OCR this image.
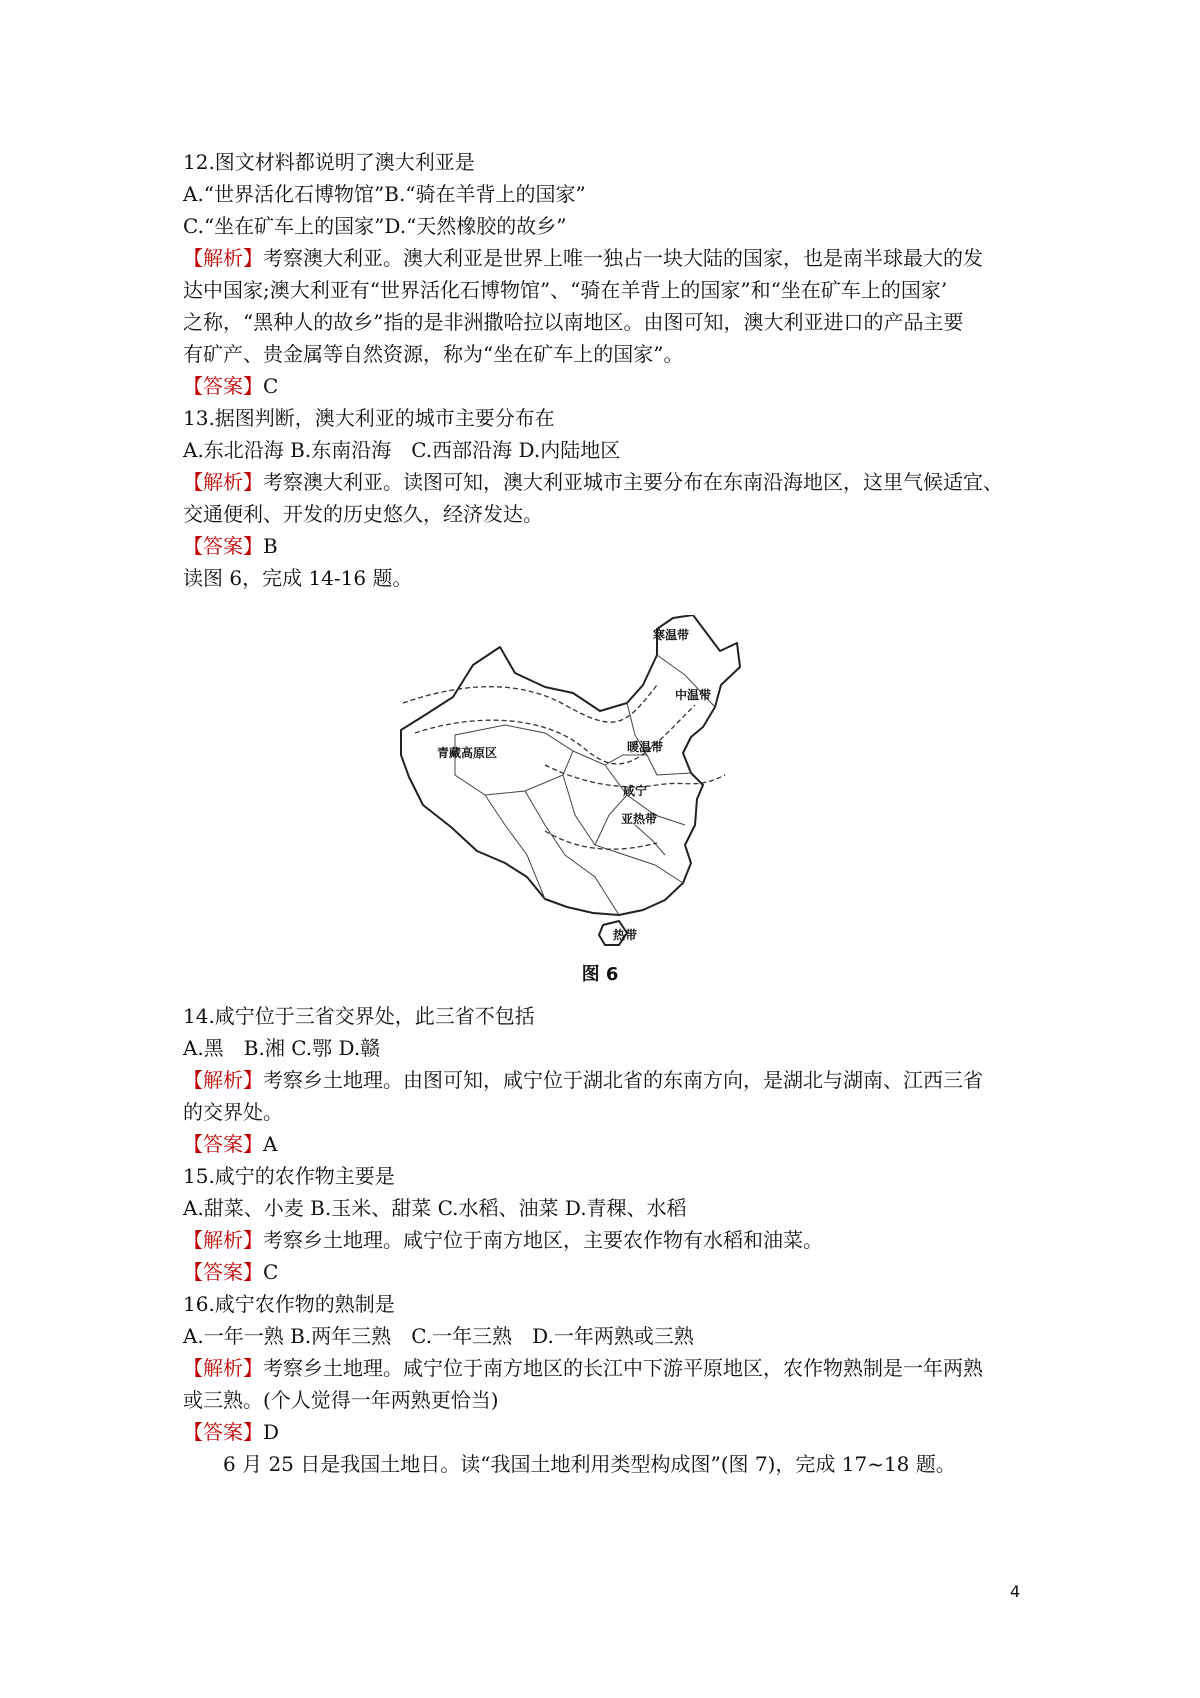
12.图文材料都说明了澳大利亚是
A.“世界活化石博物馆”B.“骑在羊背上的国家”
C.“坐在矿车上的国家”D.“天然橡胶的故乡”
【解析】考察澳大利亚。澳大利亚是世界上唯一独占一块大陆的国家，也是南半球最大的发
达中国家;澳大利亚有“世界活化石博物馆”、“骑在羊背上的国家”和“坐在矿车上的国家’
之称，“黑种人的故乡”指的是非洲撒哈拉以南地区。由图可知，澳大利亚进口的产品主要
有矿产、贵金属等自然资源，称为“坐在矿车上的国家”。
【答案】C
13.据图判断，澳大利亚的城市主要分布在
A.东北沿海 B.东南沿海　C.西部沿海 D.内陆地区
【解析】考察澳大利亚。读图可知，澳大利亚城市主要分布在东南沿海地区，这里气候适宜、
交通便利、开发的历史悠久，经济发达。
【答案】B
读图 6，完成 14-16 题。
寒温带
中温带
青藏高原区	暖温带
咸宁
亚热带
热带
图 6
14.咸宁位于三省交界处，此三省不包括
A.黑　B.湘 C.鄂 D.赣
【解析】考察乡土地理。由图可知，咸宁位于湖北省的东南方向，是湖北与湖南、江西三省
的交界处。
【答案】A
15.咸宁的农作物主要是
A.甜菜、小麦 B.玉米、甜菜 C.水稻、油菜 D.青稞、水稻
【解析】考察乡土地理。咸宁位于南方地区，主要农作物有水稻和油菜。
【答案】C
16.咸宁农作物的熟制是
A.一年一熟 B.两年三熟　C.一年三熟　D.一年两熟或三熟
【解析】考察乡土地理。咸宁位于南方地区的长江中下游平原地区，农作物熟制是一年两熟
或三熟。(个人觉得一年两熟更恰当)
【答案】D
6 月 25 日是我国土地日。读“我国土地利用类型构成图”(图 7)，完成 17~18 题。
4
